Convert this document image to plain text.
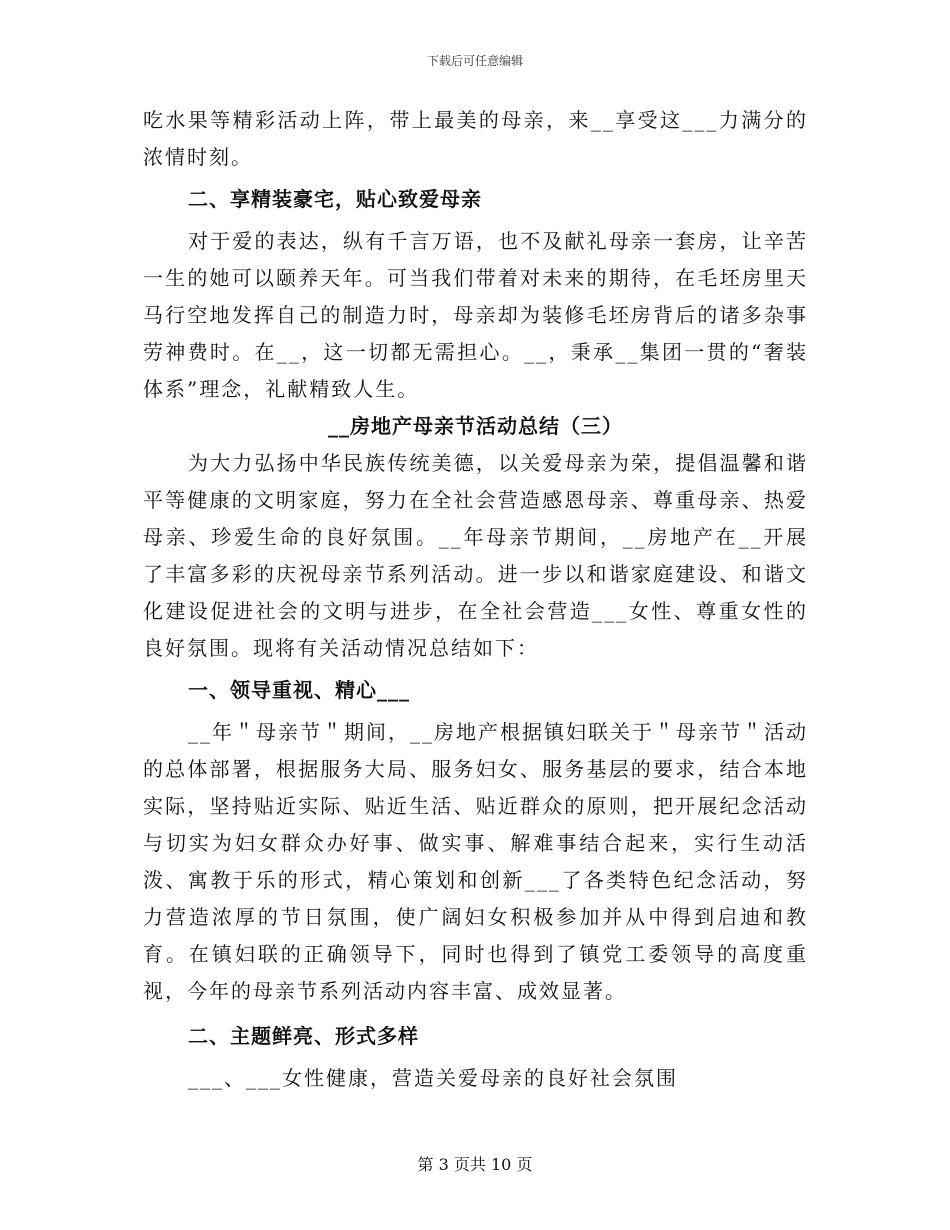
下载后可任意编辑

吃水果等精彩活动上阵，带上最美的母亲，来__享受这___力满分的浓情时刻。

二、享精装豪宅，贴心致爱母亲

对于爱的表达，纵有千言万语，也不及献礼母亲一套房，让辛苦一生的她可以颐养天年。可当我们带着对未来的期待，在毛坯房里天马行空地发挥自己的制造力时，母亲却为装修毛坯房背后的诸多杂事劳神费时。在__，这一切都无需担心。__，秉承__集团一贯的“奢装体系”理念，礼献精致人生。

__房地产母亲节活动总结（三）

为大力弘扬中华民族传统美德，以关爱母亲为荣，提倡温馨和谐平等健康的文明家庭，努力在全社会营造感恩母亲、尊重母亲、热爱母亲、珍爱生命的良好氛围。__年母亲节期间，__房地产在__开展了丰富多彩的庆祝母亲节系列活动。进一步以和谐家庭建设、和谐文化建设促进社会的文明与进步，在全社会营造___女性、尊重女性的良好氛围。现将有关活动情况总结如下：

一、领导重视、精心___

__年＂母亲节＂期间，__房地产根据镇妇联关于＂母亲节＂活动的总体部署，根据服务大局、服务妇女、服务基层的要求，结合本地实际，坚持贴近实际、贴近生活、贴近群众的原则，把开展纪念活动与切实为妇女群众办好事、做实事、解难事结合起来，实行生动活泼、寓教于乐的形式，精心策划和创新___了各类特色纪念活动，努力营造浓厚的节日氛围，使广阔妇女积极参加并从中得到启迪和教育。在镇妇联的正确领导下，同时也得到了镇党工委领导的高度重视，今年的母亲节系列活动内容丰富、成效显著。

二、主题鲜亮、形式多样

___、___女性健康，营造关爱母亲的良好社会氛围

第 3 页共 10 页
